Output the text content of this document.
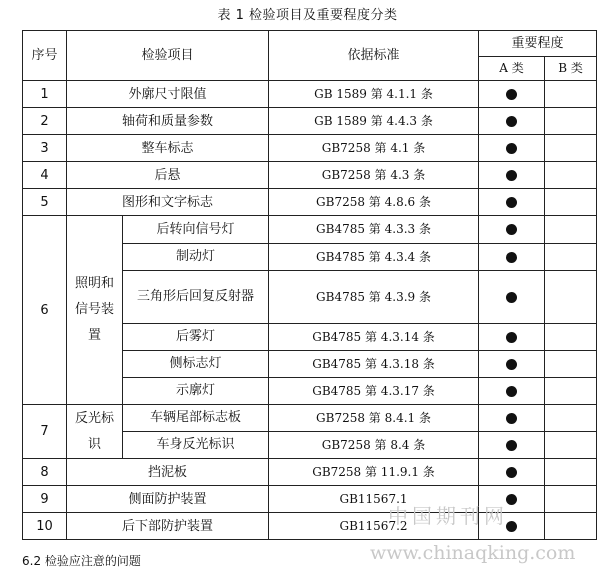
表 1 检验项目及重要程度分类
序号	检验项目		依据标准	重要程度	
				A 类	B 类
1	外廓尺寸限值		GB 1589 第 4.1.1 条		
2	轴荷和质量参数		GB 1589 第 4.4.3 条		
3	整车标志		GB7258 第 4.1 条		
4	后悬		GB7258 第 4.3 条		
5	图形和文字标志		GB7258 第 4.8.6 条		
6	照明和信号装置	后转向信号灯	GB4785 第 4.3.3 条		
		制动灯	GB4785 第 4.3.4 条		
		三角形后回复反射器	GB4785 第 4.3.9 条		
		后雾灯	GB4785 第 4.3.14 条		
		侧标志灯	GB4785 第 4.3.18 条		
		示廓灯	GB4785 第 4.3.17 条		
7	反光标识	车辆尾部标志板	GB7258 第 8.4.1 条		
		车身反光标识	GB7258 第 8.4 条		
8	挡泥板		GB7258 第 11.9.1 条		
9	侧面防护装置		GB11567.1		
10	后下部防护装置		GB11567.2		
6.2 检验应注意的问题
中国期刊网
www.chinaqking.com
